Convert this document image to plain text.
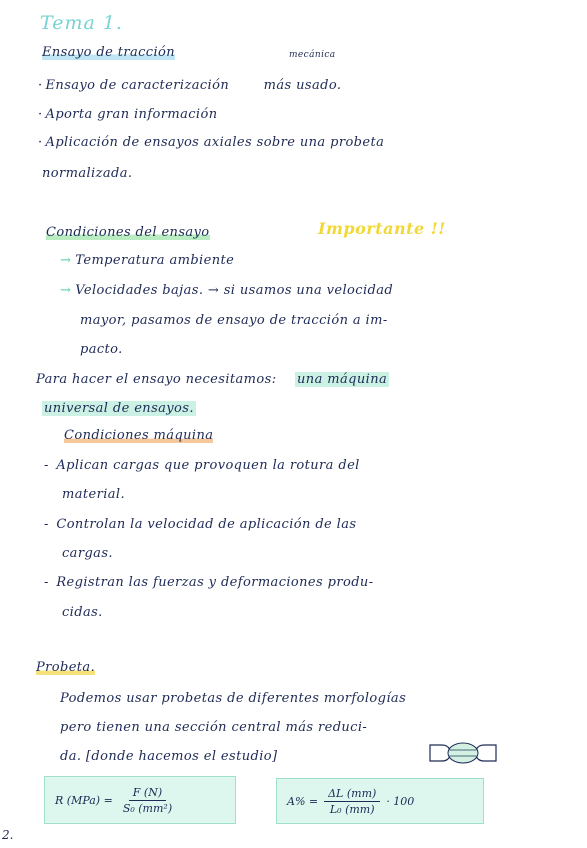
Tema 1.
Ensayo de tracción	mecánica
· Ensayo de caracterización	más usado.
· Aporta gran información
· Aplicación de ensayos axiales sobre una probeta
normalizada.
Condiciones del ensayo	Importante !!
→ Temperatura ambiente
→ Velocidades bajas. → si usamos una velocidad
mayor, pasamos de ensayo de tracción a im-
pacto.
Para hacer el ensayo necesitamos: una máquina
universal de ensayos.
Condiciones máquina
- Aplican cargas que provoquen la rotura del
material.
- Controlan la velocidad de aplicación de las
cargas.
- Registran las fuerzas y deformaciones produ-
cidas.
Probeta.
Podemos usar probetas de diferentes morfologías
pero tienen una sección central más reduci-
da. [donde hacemos el estudio]
R $(MPa) = \frac{F (N)}{\text{S₀ (mm²)}}$	$A\% = \frac{\Delta L (mm)}{\text{L₀ (mm)}} \cdot 100$
2.
